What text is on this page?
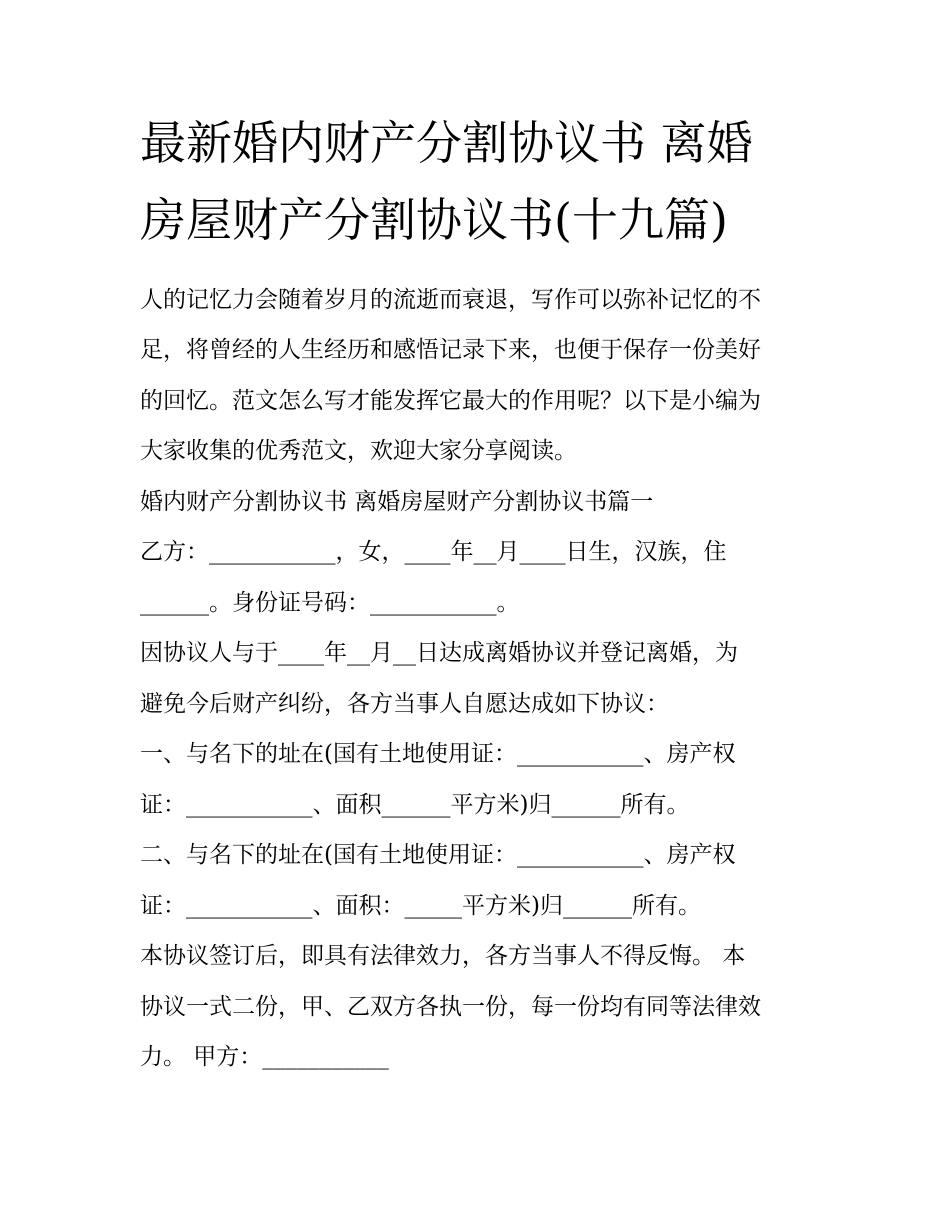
最新婚内财产分割协议书 离婚
房屋财产分割协议书(十九篇)

人的记忆力会随着岁月的流逝而衰退，写作可以弥补记忆的不

足，将曾经的人生经历和感悟记录下来，也便于保存一份美好

的回忆。范文怎么写才能发挥它最大的作用呢？以下是小编为

大家收集的优秀范文，欢迎大家分享阅读。

婚内财产分割协议书 离婚房屋财产分割协议书篇一

乙方：___________，女，____年__月____日生，汉族，住

______。身份证号码：___________。

因协议人与于____年__月__日达成离婚协议并登记离婚，为

避免今后财产纠纷，各方当事人自愿达成如下协议：

一、与名下的址在(国有土地使用证：___________、房产权

证：___________、面积______平方米)归______所有。

二、与名下的址在(国有土地使用证：___________、房产权

证：___________、面积：_____平方米)归______所有。

本协议签订后，即具有法律效力，各方当事人不得反悔。 本

协议一式二份，甲、乙双方各执一份，每一份均有同等法律效

力。 甲方：___________
